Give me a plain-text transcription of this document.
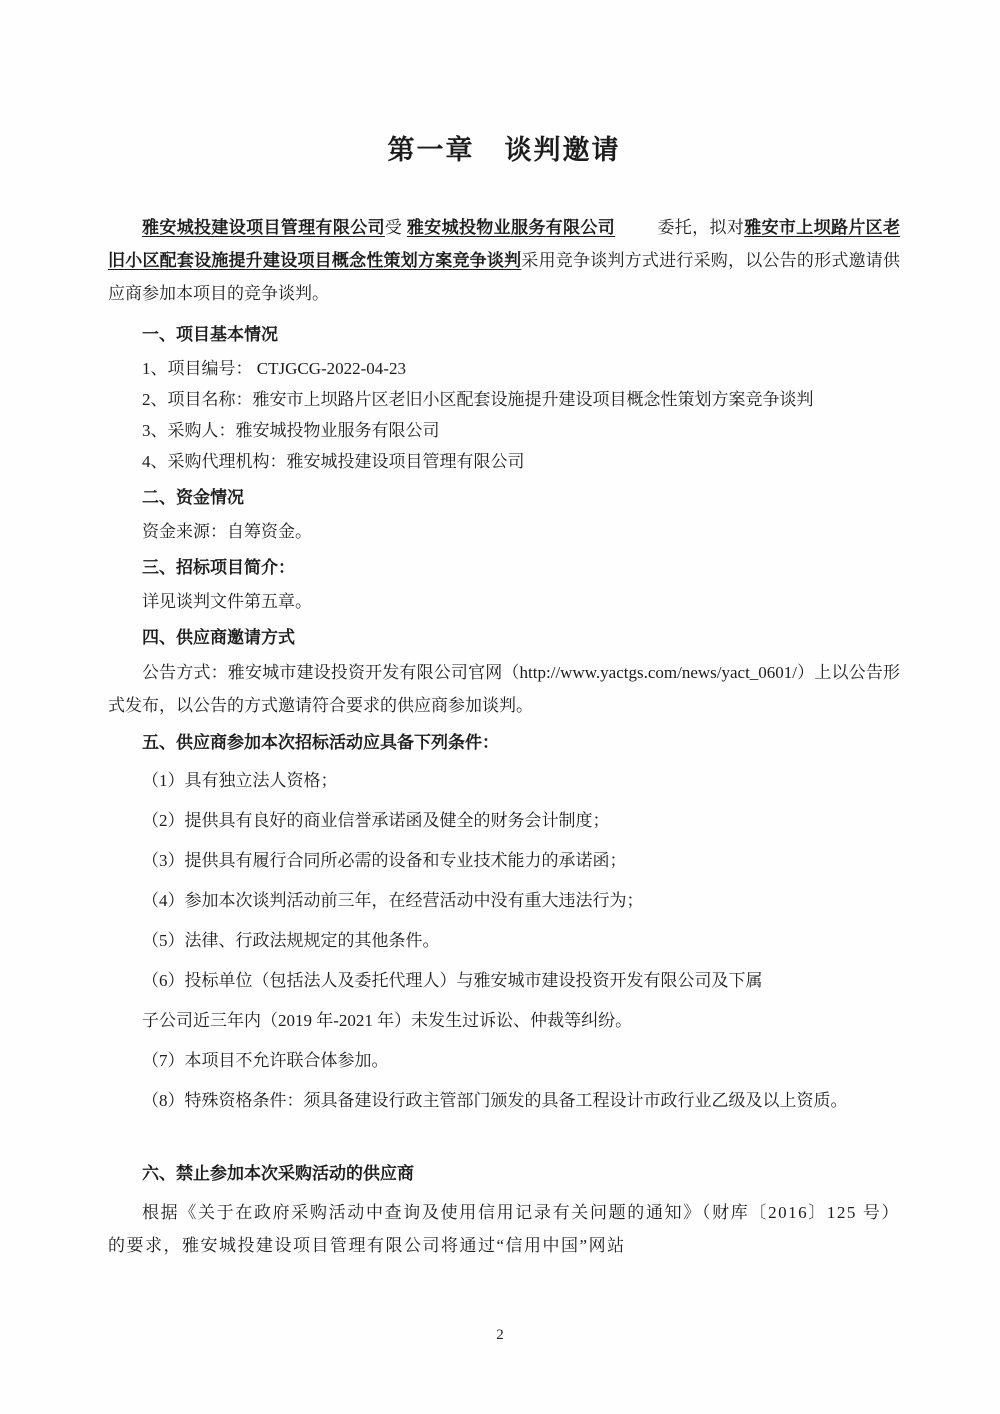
第一章 谈判邀请

雅安城投建设项目管理有限公司受 雅安城投物业服务有限公司 委托，拟对雅安市上坝路片区老旧小区配套设施提升建设项目概念性策划方案竞争谈判采用竞争谈判方式进行采购，以公告的形式邀请供应商参加本项目的竞争谈判。

一、项目基本情况

1、项目编号： CTJGCG-2022-04-23

2、项目名称：雅安市上坝路片区老旧小区配套设施提升建设项目概念性策划方案竞争谈判

3、采购人：雅安城投物业服务有限公司

4、采购代理机构：雅安城投建设项目管理有限公司

二、资金情况

资金来源：自筹资金。

三、招标项目简介：

详见谈判文件第五章。

四、供应商邀请方式

公告方式：雅安城市建设投资开发有限公司官网（http://www.yactgs.com/news/yact_0601/）上以公告形式发布，以公告的方式邀请符合要求的供应商参加谈判。

五、供应商参加本次招标活动应具备下列条件：

（1）具有独立法人资格；

（2）提供具有良好的商业信誉承诺函及健全的财务会计制度；

（3）提供具有履行合同所必需的设备和专业技术能力的承诺函；

（4）参加本次谈判活动前三年，在经营活动中没有重大违法行为；

（5）法律、行政法规规定的其他条件。

（6）投标单位（包括法人及委托代理人）与雅安城市建设投资开发有限公司及下属

子公司近三年内（2019 年-2021 年）未发生过诉讼、仲裁等纠纷。

（7）本项目不允许联合体参加。

（8）特殊资格条件：须具备建设行政主管部门颁发的具备工程设计市政行业乙级及以上资质。

六、禁止参加本次采购活动的供应商

根据《关于在政府采购活动中查询及使用信用记录有关问题的通知》（财库〔2016〕125 号）的要求，雅安城投建设项目管理有限公司将通过“信用中国”网站

2
